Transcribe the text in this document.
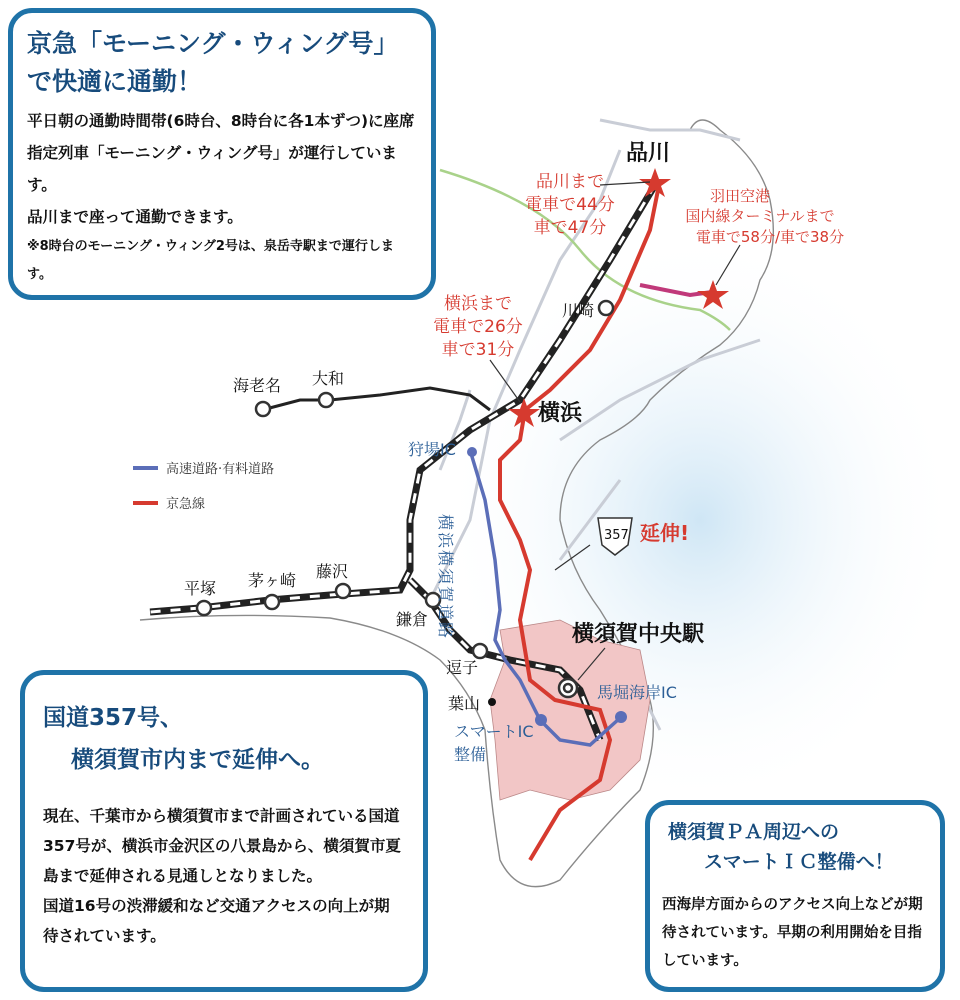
品川
川崎
横浜
海老名 大和
藤沢
茅ヶ崎
平塚
鎌倉
逗子
葉山
狩場IC
横須賀中央駅
馬堀海岸IC
スマートIC
整備
357 延伸!
横浜横須賀道路
品川まで
電車で44分
車で47分
羽田空港
国内線ターミナルまで
電車で58分/車で38分
横浜まで
電車で26分
車で31分
高速道路·有料道路
京急線
京急「モーニング・ウィング号」
で快適に通勤！

平日朝の通勤時間帯(6時台、8時台に各1本ずつ)に座席指定列車「モーニング・ウィング号」が運行しています。

品川まで座って通勤できます。

※8時台のモーニング・ウィング2号は、泉岳寺駅まで運行します。

国道357号、
横須賀市内まで延伸へ。

現在、千葉市から横須賀市まで計画されている国道357号が、横浜市金沢区の八景島から、横須賀市夏島まで延伸される見通しとなりました。

国道16号の渋滞緩和など交通アクセスの向上が期待されています。

横須賀ＰＡ周辺への
スマートＩＣ整備へ！

西海岸方面からのアクセス向上などが期待されています。早期の利用開始を目指しています。
